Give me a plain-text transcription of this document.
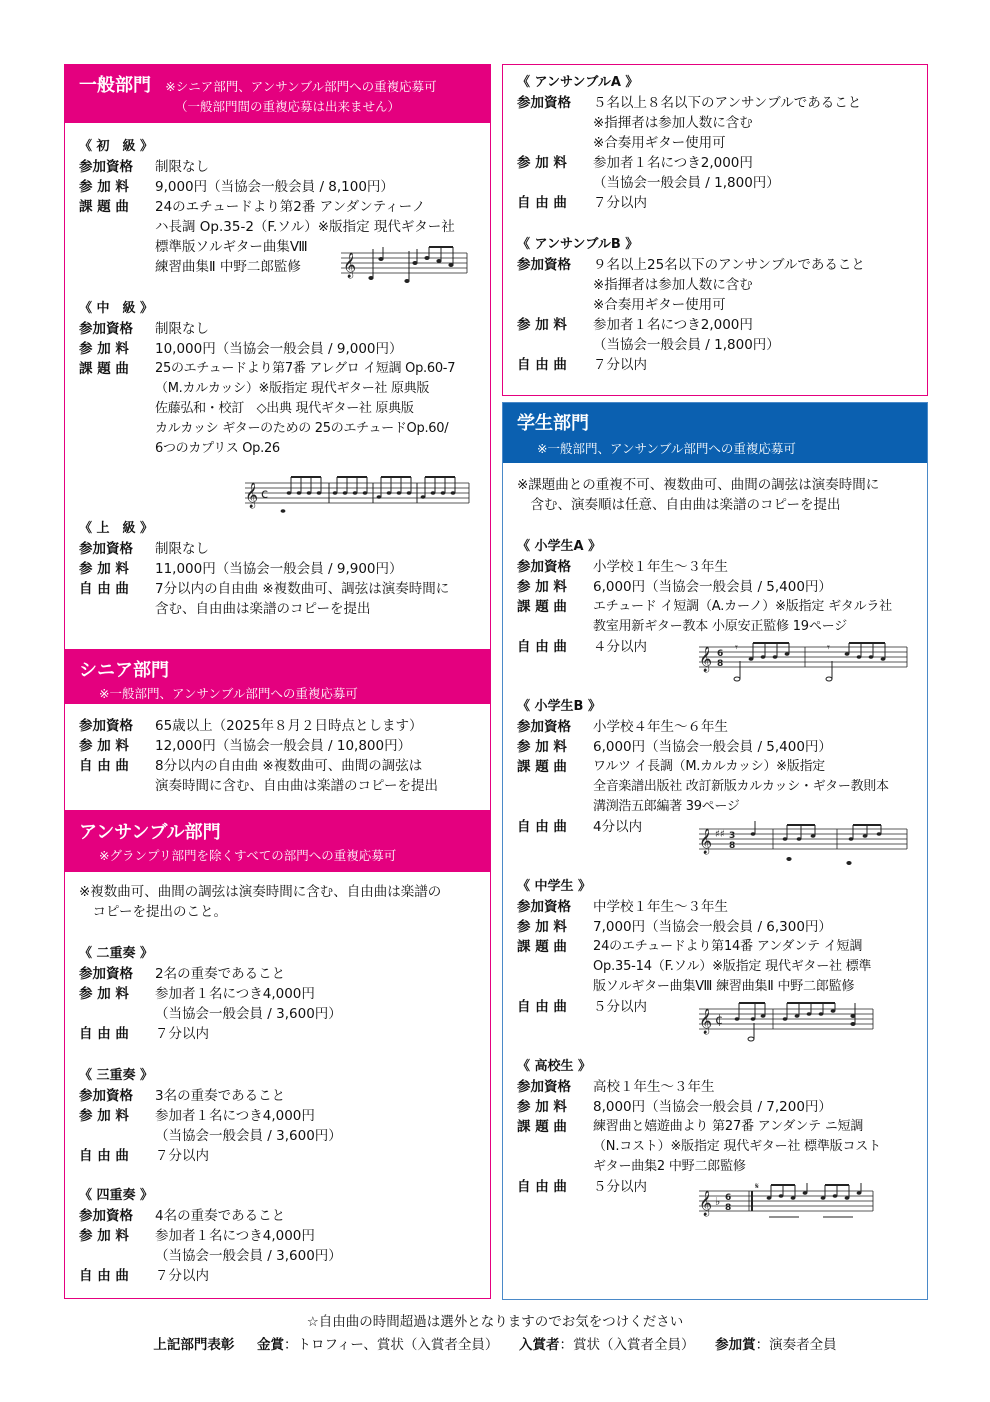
一般部門 ※シニア部門、アンサンブル部門への重複応募可
（一般部門間の重複応募は出来ません）
《 初　級 》
参加資格	制限なし
参 加 料	9,000円（当協会一般会員 / 8,100円）
課 題 曲	24のエチュードより第2番 アンダンティーノ
ハ長調 Op.35-2（F.ソル）※版指定 現代ギター社
標準版ソルギター曲集Ⅷ
練習曲集Ⅱ 中野二郎監修	𝄞
《 中　級 》
参加資格	制限なし
参 加 料	10,000円（当協会一般会員 / 9,000円）
課 題 曲	25のエチュードより第7番 アレグロ イ短調 Op.60-7
（M.カルカッシ）※版指定 現代ギター社 原典版
佐藤弘和・校訂　◇出典 現代ギター社 原典版
カルカッシ ギターのための 25のエチュードOp.60/
6つのカプリス Op.26
𝄞 c
《 上　級 》
参加資格	制限なし
参 加 料	11,000円（当協会一般会員 / 9,900円）
自 由 曲	7分以内の自由曲 ※複数曲可、調弦は演奏時間に
含む、自由曲は楽譜のコピーを提出
シニア部門
※一般部門、アンサンブル部門への重複応募可
参加資格	65歳以上（2025年８月２日時点とします）
参 加 料	12,000円（当協会一般会員 / 10,800円）
自 由 曲	8分以内の自由曲 ※複数曲可、曲間の調弦は
演奏時間に含む、自由曲は楽譜のコピーを提出
アンサンブル部門
※グランプリ部門を除くすべての部門への重複応募可
※複数曲可、曲間の調弦は演奏時間に含む、自由曲は楽譜の
　コピーを提出のこと。
《 二重奏 》
参加資格	2名の重奏であること
参 加 料	参加者１名につき4,000円
（当協会一般会員 / 3,600円）
自 由 曲	７分以内
《 三重奏 》
参加資格	3名の重奏であること
参 加 料	参加者１名につき4,000円
（当協会一般会員 / 3,600円）
自 由 曲	７分以内
《 四重奏 》
参加資格	4名の重奏であること
参 加 料	参加者１名につき4,000円
（当協会一般会員 / 3,600円）
自 由 曲	７分以内
《 アンサンブルA 》
参加資格	５名以上８名以下のアンサンブルであること
※指揮者は参加人数に含む
※合奏用ギター使用可
参 加 料	参加者１名につき2,000円
（当協会一般会員 / 1,800円）
自 由 曲	７分以内
《 アンサンブルB 》
参加資格	９名以上25名以下のアンサンブルであること
※指揮者は参加人数に含む
※合奏用ギター使用可
参 加 料	参加者１名につき2,000円
（当協会一般会員 / 1,800円）
自 由 曲	７分以内
学生部門
※一般部門、アンサンブル部門への重複応募可
※課題曲との重複不可、複数曲可、曲間の調弦は演奏時間に
　含む、演奏順は任意、自由曲は楽譜のコピーを提出
《 小学生A 》
参加資格	小学校１年生～３年生
参 加 料	6,000円（当協会一般会員 / 5,400円）
課 題 曲	エチュード イ短調（A.カーノ）※版指定 ギタルラ社
教室用新ギター教本 小原安正監修 19ページ
自 由 曲	４分以内	𝄞 6
8
𝄾	𝄾
《 小学生B 》
参加資格	小学校４年生～６年生
参 加 料	6,000円（当協会一般会員 / 5,400円）
課 題 曲	ワルツ イ長調（M.カルカッシ）※版指定
全音楽譜出版社 改訂新版カルカッシ・ギター教則本
溝渕浩五郎編著 39ページ
自 由 曲	4分以内
𝄞 ♯♯ 3
8
《 中学生 》
参加資格	中学校１年生～３年生
参 加 料	7,000円（当協会一般会員 / 6,300円）
課 題 曲	24のエチュードより第14番 アンダンテ イ短調
Op.35-14（F.ソル）※版指定 現代ギター社 標準
版ソルギター曲集Ⅷ 練習曲集Ⅱ 中野二郎監修
自 由 曲	５分以内
𝄞 ¢
《 高校生 》
参加資格	高校１年生～３年生
参 加 料	8,000円（当協会一般会員 / 7,200円）
課 題 曲	練習曲と嬉遊曲より 第27番 アンダンテ ニ短調
（N.コスト）※版指定 現代ギター社 標準版コスト
ギター曲集2 中野二郎監修
自 由 曲	５分以内
𝄞 ♭ 6
8
𝄋
☆自由曲の時間超過は選外となりますのでお気をつけください
上記部門表彰 金賞：トロフィー、賞状（入賞者全員） 入賞者：賞状（入賞者全員） 参加賞：演奏者全員
